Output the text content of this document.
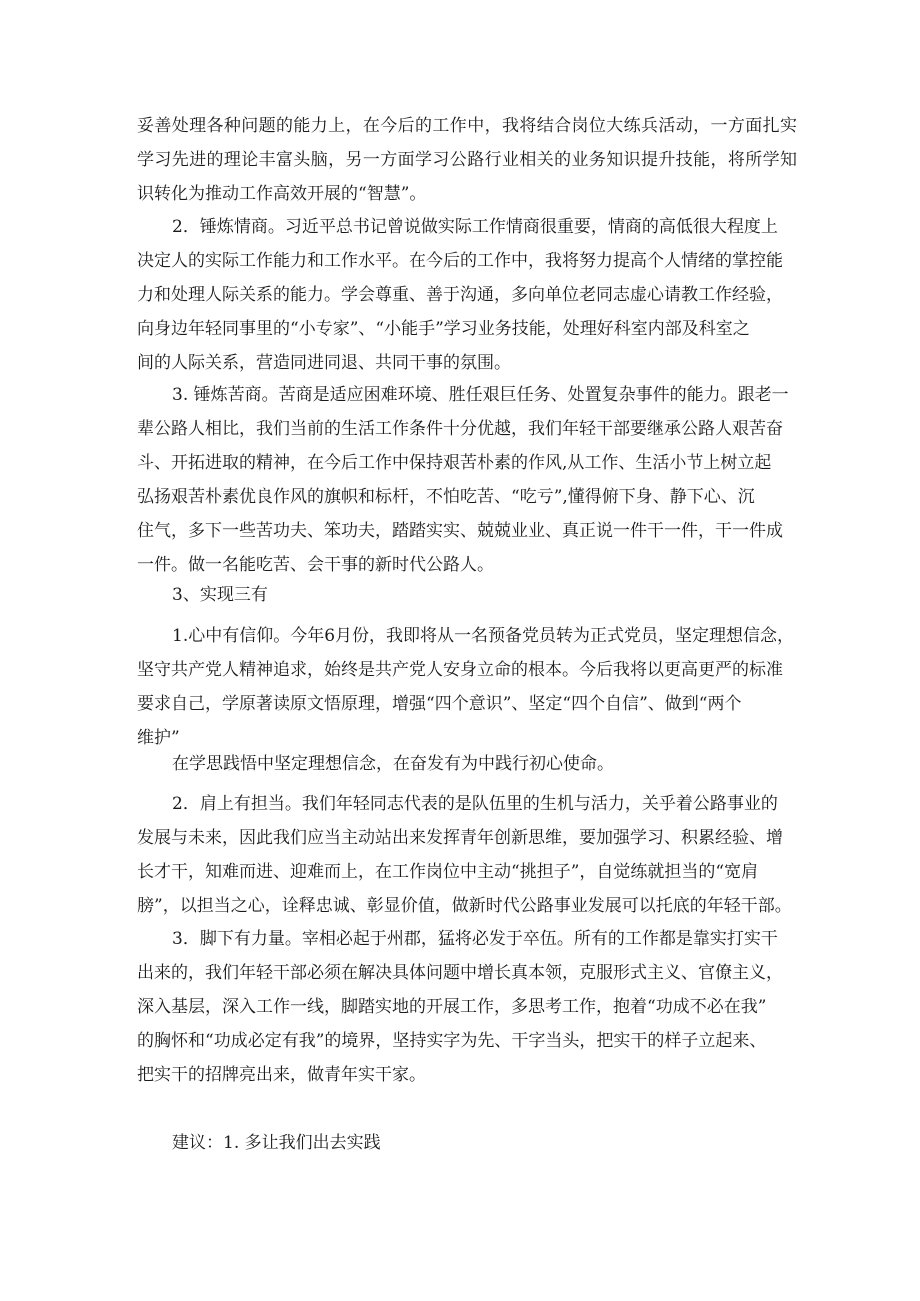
妥善处理各种问题的能力上，在今后的工作中，我将结合岗位大练兵活动，一方面扎实

学习先进的理论丰富头脑，另一方面学习公路行业相关的业务知识提升技能，将所学知

识转化为推动工作高效开展的“智慧”。

2．锤炼情商。习近平总书记曾说做实际工作情商很重要，情商的高低很大程度上

决定人的实际工作能力和工作水平。在今后的工作中，我将努力提高个人情绪的掌控能

力和处理人际关系的能力。学会尊重、善于沟通，多向单位老同志虚心请教工作经验，

向身边年轻同事里的“小专家”、“小能手”学习业务技能，处理好科室内部及科室之

间的人际关系，营造同进同退、共同干事的氛围。

3. 锤炼苦商。苦商是适应困难环境、胜任艰巨任务、处置复杂事件的能力。跟老一

辈公路人相比，我们当前的生活工作条件十分优越，我们年轻干部要继承公路人艰苦奋

斗、开拓进取的精神，在今后工作中保持艰苦朴素的作风,从工作、生活小节上树立起

弘扬艰苦朴素优良作风的旗帜和标杆，不怕吃苦、“吃亏”,懂得俯下身、静下心、沉

住气，多下一些苦功夫、笨功夫，踏踏实实、兢兢业业、真正说一件干一件，干一件成

一件。做一名能吃苦、会干事的新时代公路人。

3、实现三有

1.心中有信仰。今年6月份，我即将从一名预备党员转为正式党员，坚定理想信念，

坚守共产党人精神追求，始终是共产党人安身立命的根本。今后我将以更高更严的标准

要求自己，学原著读原文悟原理，增强“四个意识”、坚定“四个自信”、做到“两个

维护”

在学思践悟中坚定理想信念，在奋发有为中践行初心使命。

2．肩上有担当。我们年轻同志代表的是队伍里的生机与活力，关乎着公路事业的

发展与未来，因此我们应当主动站出来发挥青年创新思维，要加强学习、积累经验、增

长才干，知难而进、迎难而上，在工作岗位中主动“挑担子”，自觉练就担当的“宽肩

膀”，以担当之心，诠释忠诚、彰显价值，做新时代公路事业发展可以托底的年轻干部。

3．脚下有力量。宰相必起于州郡，猛将必发于卒伍。所有的工作都是靠实打实干

出来的，我们年轻干部必须在解决具体问题中增长真本领，克服形式主义、官僚主义，

深入基层，深入工作一线，脚踏实地的开展工作，多思考工作，抱着“功成不必在我”

的胸怀和“功成必定有我”的境界，坚持实字为先、干字当头，把实干的样子立起来、

把实干的招牌亮出来，做青年实干家。

建议：1. 多让我们出去实践
